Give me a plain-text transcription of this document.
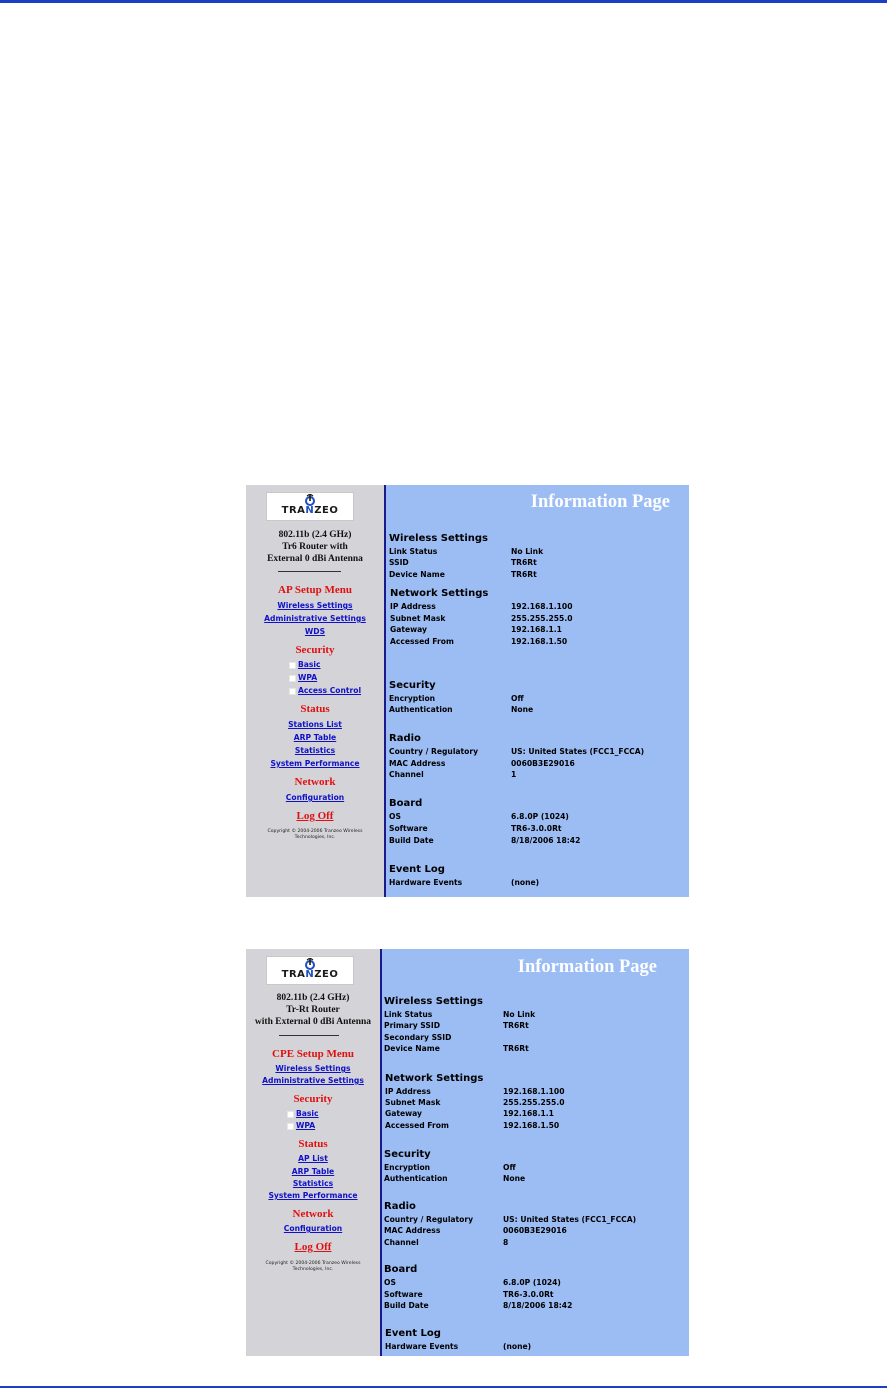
TRANZEO
802.11b (2.4 GHz)
Tr6 Router with
External 0 dBi Antenna
AP Setup Menu
Wireless Settings
Administrative Settings
WDS
Security
Basic
WPA
Access Control
Status
Stations List
ARP Table
Statistics
System Performance
Network
Configuration
Log Off
Copyright © 2004-2006 Tranzeo Wireless
Technologies, Inc.
Information Page
Wireless Settings
Link Status	No Link
SSID	TR6Rt
Device Name	TR6Rt
Network Settings
IP Address	192.168.1.100
Subnet Mask	255.255.255.0
Gateway	192.168.1.1
Accessed From	192.168.1.50
Security
Encryption	Off
Authentication	None
Radio
Country / Regulatory	US: United States (FCC1_FCCA)
MAC Address	0060B3E29016
Channel	1
Board
OS	6.8.0P (1024)
Software	TR6-3.0.0Rt
Build Date	8/18/2006 18:42
Event Log
Hardware Events	(none)
TRANZEO
802.11b (2.4 GHz)
Tr-Rt Router
with External 0 dBi Antenna
CPE Setup Menu
Wireless Settings
Administrative Settings
Security
Basic
WPA
Status
AP List
ARP Table
Statistics
System Performance
Network
Configuration
Log Off
Copyright © 2004-2006 Tranzeo Wireless
Technologies, Inc.
Information Page
Wireless Settings
Link Status	No Link
Primary SSID	TR6Rt
Secondary SSID
Device Name	TR6Rt
Network Settings
IP Address	192.168.1.100
Subnet Mask	255.255.255.0
Gateway	192.168.1.1
Accessed From	192.168.1.50
Security
Encryption	Off
Authentication	None
Radio
Country / Regulatory	US: United States (FCC1_FCCA)
MAC Address	0060B3E29016
Channel	8
Board
OS	6.8.0P (1024)
Software	TR6-3.0.0Rt
Build Date	8/18/2006 18:42
Event Log
Hardware Events	(none)
